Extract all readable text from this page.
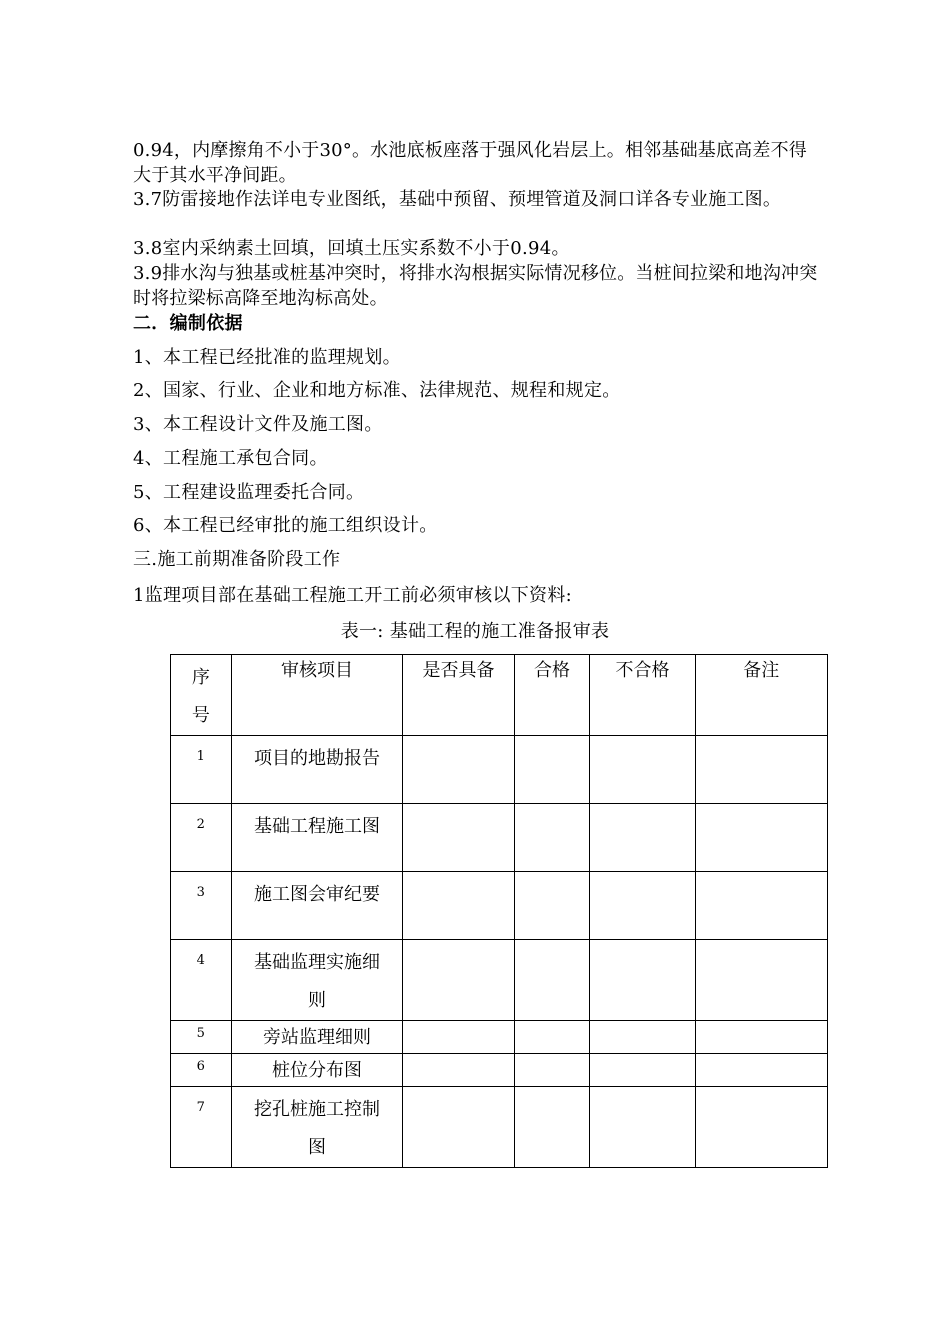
0.94，内摩擦角不小于30°。水池底板座落于强风化岩层上。相邻基础基底高差不得大于其水平净间距。
3.7防雷接地作法详电专业图纸，基础中预留、预埋管道及洞口详各专业施工图。
3.8室内采纳素土回填，回填土压实系数不小于0.94。
3.9排水沟与独基或桩基冲突时，将排水沟根据实际情况移位。当桩间拉梁和地沟冲突时将拉梁标高降至地沟标高处。
二．编制依据
1、本工程已经批准的监理规划。
2、国家、行业、企业和地方标准、法律规范、规程和规定。
3、本工程设计文件及施工图。
4、工程施工承包合同。
5、工程建设监理委托合同。
6、本工程已经审批的施工组织设计。
三.施工前期准备阶段工作
1监理项目部在基础工程施工开工前必须审核以下资料:
表一: 基础工程的施工准备报审表
序号	审核项目	是否具备	合格	不合格	备注
1	项目的地勘报告				
2	基础工程施工图				
3	施工图会审纪要				
4	基础监理实施细则				
5	旁站监理细则				
6	桩位分布图				
7	挖孔桩施工控制图				
